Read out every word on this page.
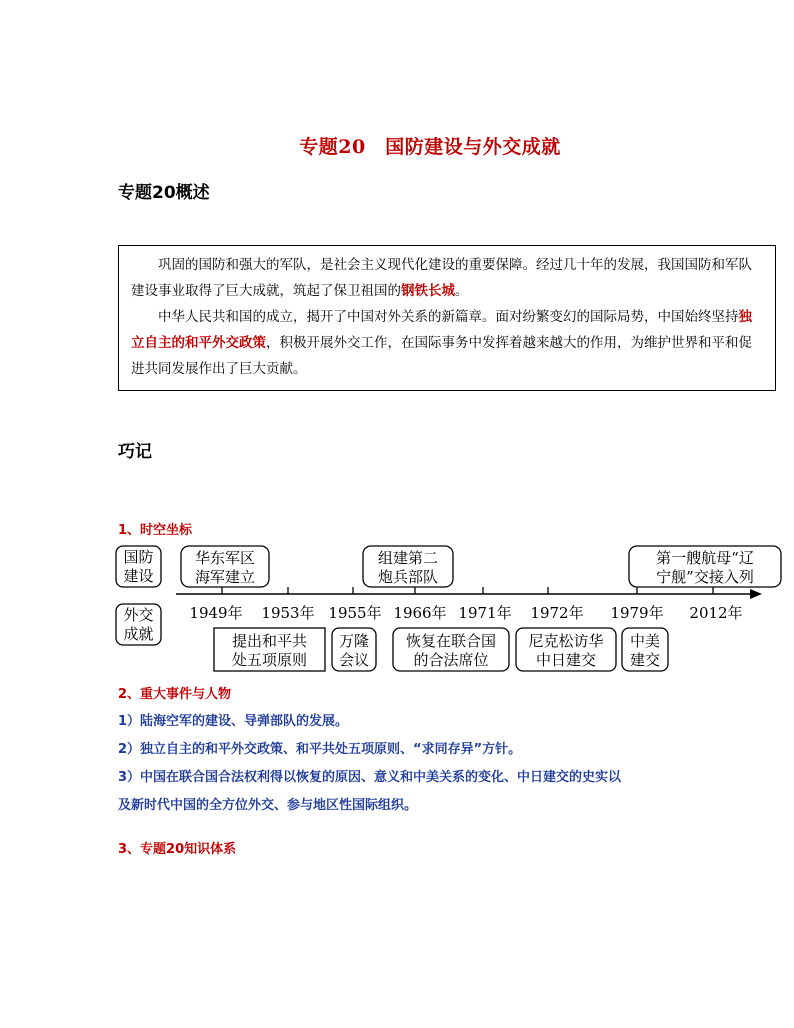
专题20　国防建设与外交成就
专题20概述

巩固的国防和强大的军队，是社会主义现代化建设的重要保障。经过几十年的发展，我国国防和军队建设事业取得了巨大成就，筑起了保卫祖国的钢铁长城。

中华人民共和国的成立，揭开了中国对外关系的新篇章。面对纷繁变幻的国际局势，中国始终坚持独立自主的和平外交政策，积极开展外交工作，在国际事务中发挥着越来越大的作用，为维护世界和平和促进共同发展作出了巨大贡献。

巧记
1、时空坐标
国防
建设
外交
成就
华东军区
海军建立
组建第二
炮兵部队
第一艘航母“辽
宁舰”交接入列
1949年 1953年 1955年 1966年 1971年 1972年 1979年 2012年
提出和平共
处五项原则
万隆
会议
恢复在联合国
的合法席位
尼克松访华
中日建交
中美
建交
2、重大事件与人物
1）陆海空军的建设、导弹部队的发展。
2）独立自主的和平外交政策、和平共处五项原则、“求同存异”方针。
3）中国在联合国合法权利得以恢复的原因、意义和中美关系的变化、中日建交的史实以
及新时代中国的全方位外交、参与地区性国际组织。
3、专题20知识体系
